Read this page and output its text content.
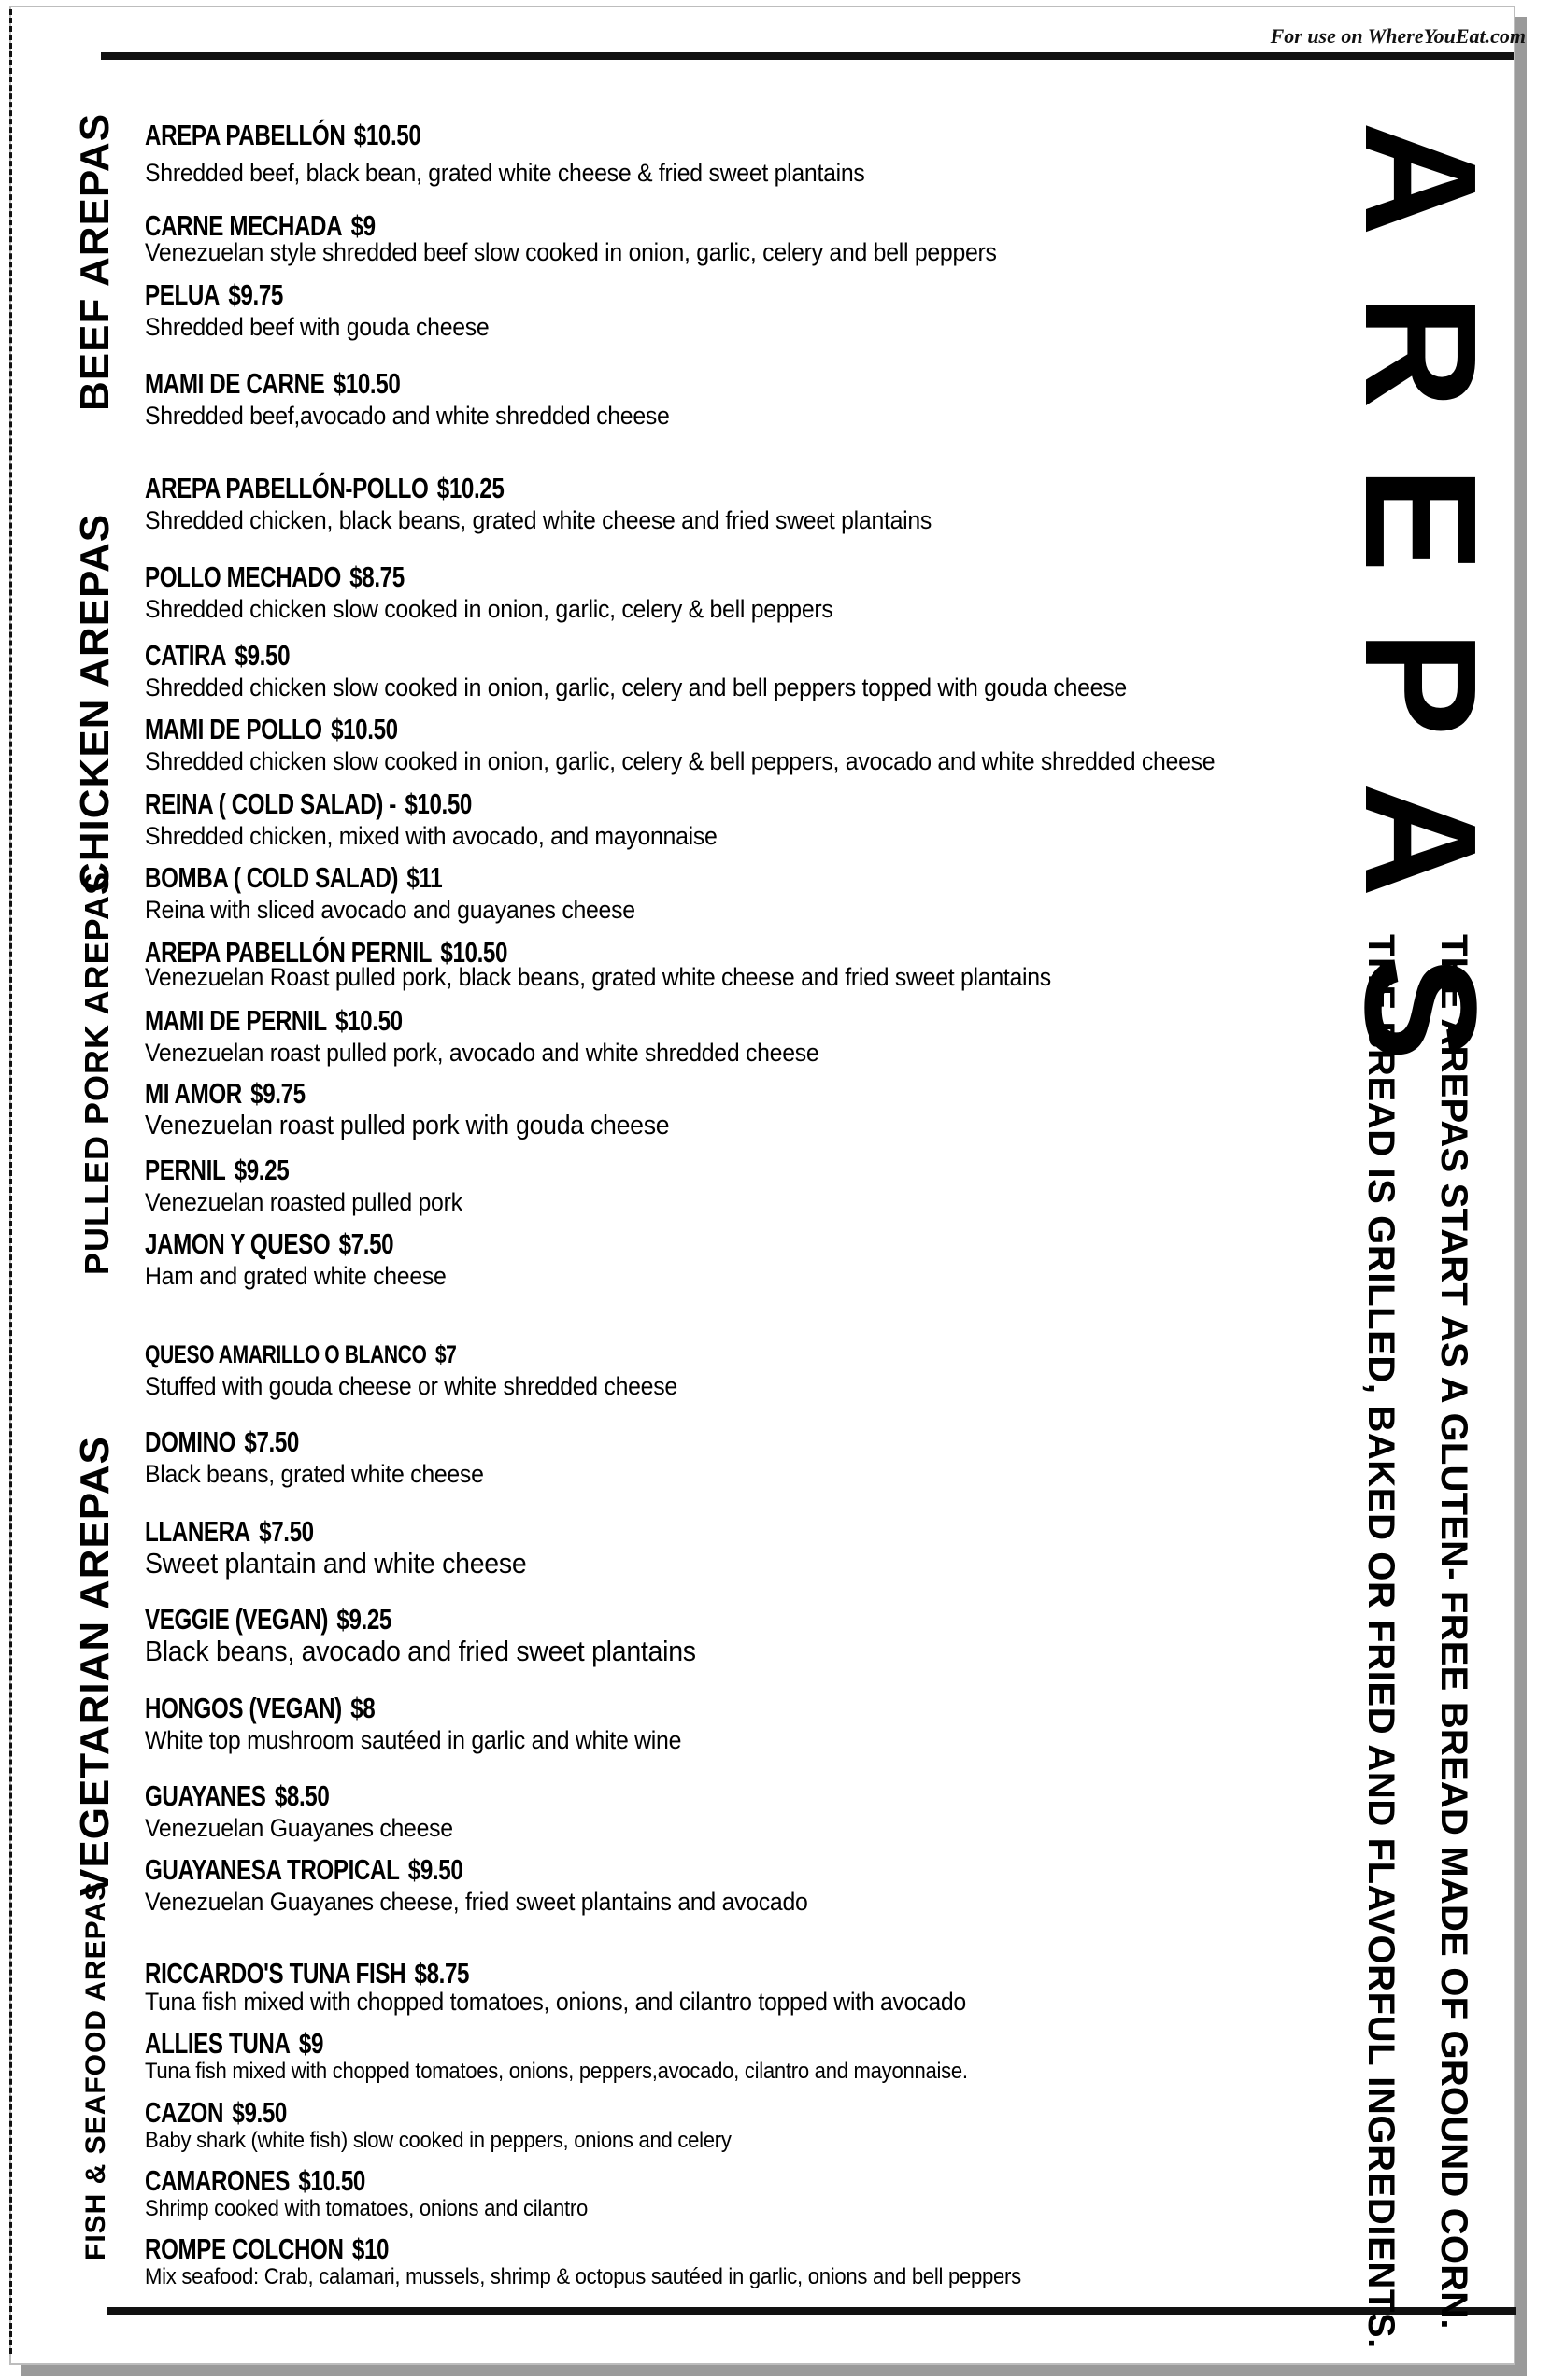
For use on WhereYouEat.com
BEEF AREPAS
CHICKEN AREPAS
PULLED PORK AREPAS
VEGETARIAN AREPAS
FISH & SEAFOOD AREPAS
AREPA PABELLÓN $10.50
Shredded beef, black bean, grated white cheese & fried sweet plantains
CARNE MECHADA $9
Venezuelan style shredded beef slow cooked in onion, garlic, celery and bell peppers
PELUA $9.75
Shredded beef with gouda cheese
MAMI DE CARNE $10.50
Shredded beef,avocado and white shredded cheese
AREPA PABELLÓN-POLLO $10.25
Shredded chicken, black beans, grated white cheese and fried sweet plantains
POLLO MECHADO $8.75
Shredded chicken slow cooked in onion, garlic, celery & bell peppers
CATIRA $9.50
Shredded chicken slow cooked in onion, garlic, celery and bell peppers topped with gouda cheese
MAMI DE POLLO $10.50
Shredded chicken slow cooked in onion, garlic, celery & bell peppers, avocado and white shredded cheese
REINA ( COLD SALAD) - $10.50
Shredded chicken, mixed with avocado, and mayonnaise
BOMBA ( COLD SALAD) $11
Reina with sliced avocado and guayanes cheese
AREPA PABELLÓN PERNIL $10.50
Venezuelan Roast pulled pork, black beans, grated white cheese and fried sweet plantains
MAMI DE PERNIL $10.50
Venezuelan roast pulled pork, avocado and white shredded cheese
MI AMOR $9.75
Venezuelan roast pulled pork with gouda cheese
PERNIL $9.25
Venezuelan roasted pulled pork
JAMON Y QUESO $7.50
Ham and grated white cheese
QUESO AMARILLO O BLANCO $7
Stuffed with gouda cheese or white shredded cheese
DOMINO $7.50
Black beans, grated white cheese
LLANERA $7.50
Sweet plantain and white cheese
VEGGIE (VEGAN) $9.25
Black beans, avocado and fried sweet plantains
HONGOS (VEGAN) $8
White top mushroom sautéed in garlic and white wine
GUAYANES $8.50
Venezuelan Guayanes cheese
GUAYANESA TROPICAL $9.50
Venezuelan Guayanes cheese, fried sweet plantains and avocado
RICCARDO'S TUNA FISH $8.75
Tuna fish mixed with chopped tomatoes, onions, and cilantro topped with avocado
ALLIES TUNA $9
Tuna fish mixed with chopped tomatoes, onions, peppers,avocado, cilantro and mayonnaise.
CAZON $9.50
Baby shark (white fish) slow cooked in peppers, onions and celery
CAMARONES $10.50
Shrimp cooked with tomatoes, onions and cilantro
ROMPE COLCHON $10
Mix seafood: Crab, calamari, mussels, shrimp & octopus sautéed in garlic, onions and bell peppers
AREPAS
THE AREPAS START AS A GLUTEN- FREE BREAD MADE OF GROUND CORN.
THE BREAD IS GRILLED, BAKED OR FRIED AND FLAVORFUL INGREDIENTS.
